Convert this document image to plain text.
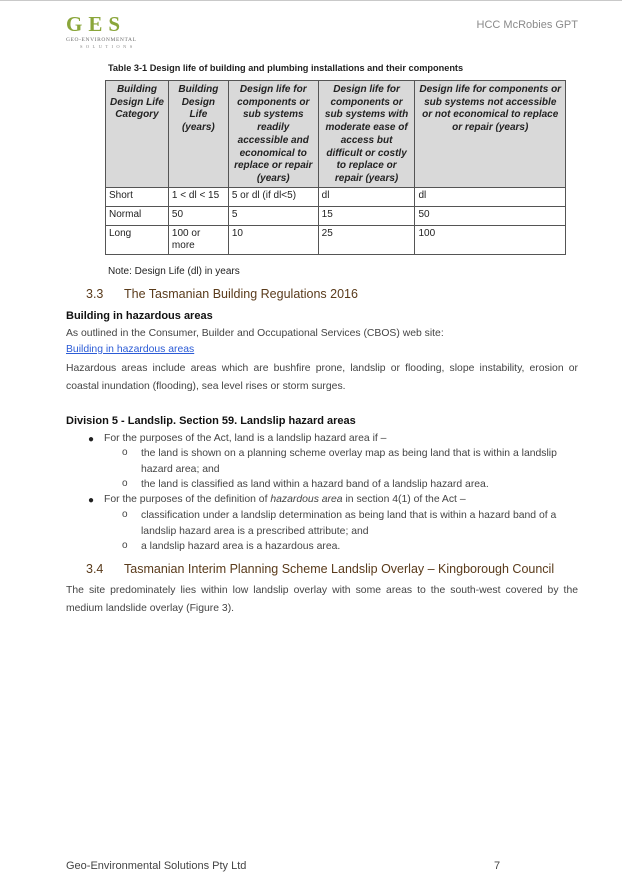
GES
GEO-ENVIRONMENTAL
SOLUTIONS
HCC McRobies GPT
Table 3-1 Design life of building and plumbing installations and their components
Building Design Life Category	Building Design Life (years)	Design life for components or sub systems readily accessible and economical to replace or repair (years)	Design life for components or sub systems with moderate ease of access but difficult or costly to replace or repair (years)	Design life for components or sub systems not accessible or not economical to replace or repair (years)
Short	1 < dl < 15	5 or dl (if dl<5)	dl	dl
Normal	50	5	15	50
Long	100 or more	10	25	100
Note: Design Life (dl) in years
3.3 The Tasmanian Building Regulations 2016
Building in hazardous areas
As outlined in the Consumer, Builder and Occupational Services (CBOS) web site:
Building in hazardous areas
Hazardous areas include areas which are bushfire prone, landslip or flooding, slope instability, erosion or coastal inundation (flooding), sea level rises or storm surges.
Division 5 - Landslip. Section 59. Landslip hazard areas
● For the purposes of the Act, land is a landslip hazard area if –
o the land is shown on a planning scheme overlay map as being land that is within a landslip hazard area; and
o the land is classified as land within a hazard band of a landslip hazard area.
● For the purposes of the definition of hazardous area in section 4(1) of the Act –
o classification under a landslip determination as being land that is within a hazard band of a landslip hazard area is a prescribed attribute; and
o a landslip hazard area is a hazardous area.
3.4 Tasmanian Interim Planning Scheme Landslip Overlay – Kingborough Council
The site predominately lies within low landslip overlay with some areas to the south-west covered by the medium landslide overlay (Figure 3).
Geo-Environmental Solutions Pty Ltd	7
